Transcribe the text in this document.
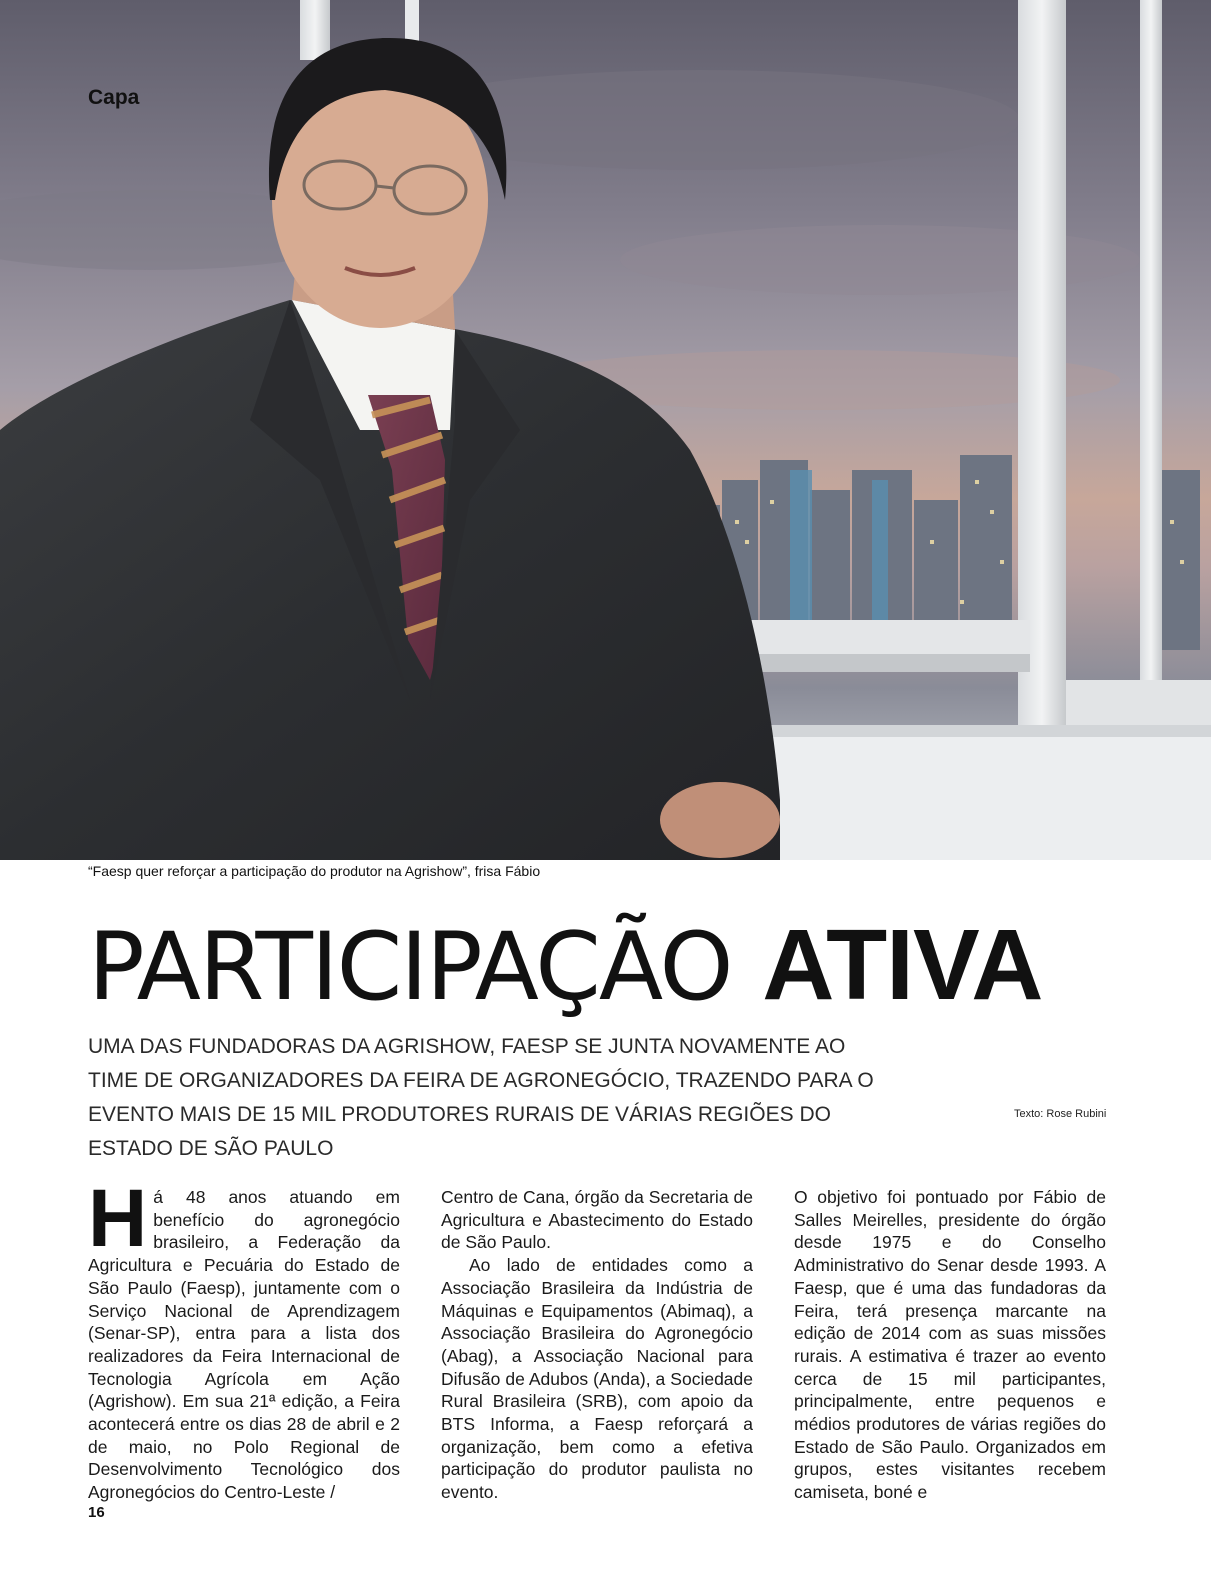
Capa
“Faesp quer reforçar a participação do produtor na Agrishow”, frisa Fábio
PARTICIPAÇÃO ATIVA

UMA DAS FUNDADORAS DA AGRISHOW, FAESP SE JUNTA NOVAMENTE AO TIME DE ORGANIZADORES DA FEIRA DE AGRONEGÓCIO, TRAZENDO PARA O EVENTO MAIS DE 15 MIL PRODUTORES RURAIS DE VÁRIAS REGIÕES DO ESTADO DE SÃO PAULO

Texto: Rose Rubini

Há 48 anos atuando em benefício do agronegócio brasileiro, a Federação da Agricultura e Pecuária do Estado de São Paulo (Faesp), juntamente com o Serviço Nacional de Aprendizagem (Senar-SP), entra para a lista dos realizadores da Feira Internacional de Tecnologia Agrícola em Ação (Agrishow). Em sua 21ª edição, a Feira acontecerá entre os dias 28 de abril e 2 de maio, no Polo Regional de Desenvolvimento Tecnológico dos Agronegócios do Centro-Leste /

Centro de Cana, órgão da Secretaria de Agricultura e Abastecimento do Estado de São Paulo.

Ao lado de entidades como a Associação Brasileira da Indústria de Máquinas e Equipamentos (Abimaq), a Associação Brasileira do Agronegócio (Abag), a Associação Nacional para Difusão de Adubos (Anda), a Sociedade Rural Brasileira (SRB), com apoio da BTS Informa, a Faesp reforçará a organização, bem como a efetiva participação do produtor paulista no evento.

O objetivo foi pontuado por Fábio de Salles Meirelles, presidente do órgão desde 1975 e do Conselho Administrativo do Senar desde 1993. A Faesp, que é uma das fundadoras da Feira, terá presença marcante na edição de 2014 com as suas missões rurais. A estimativa é trazer ao evento cerca de 15 mil participantes, principalmente, entre pequenos e médios produtores de várias regiões do Estado de São Paulo. Organizados em grupos, estes visitantes recebem camiseta, boné e

16
